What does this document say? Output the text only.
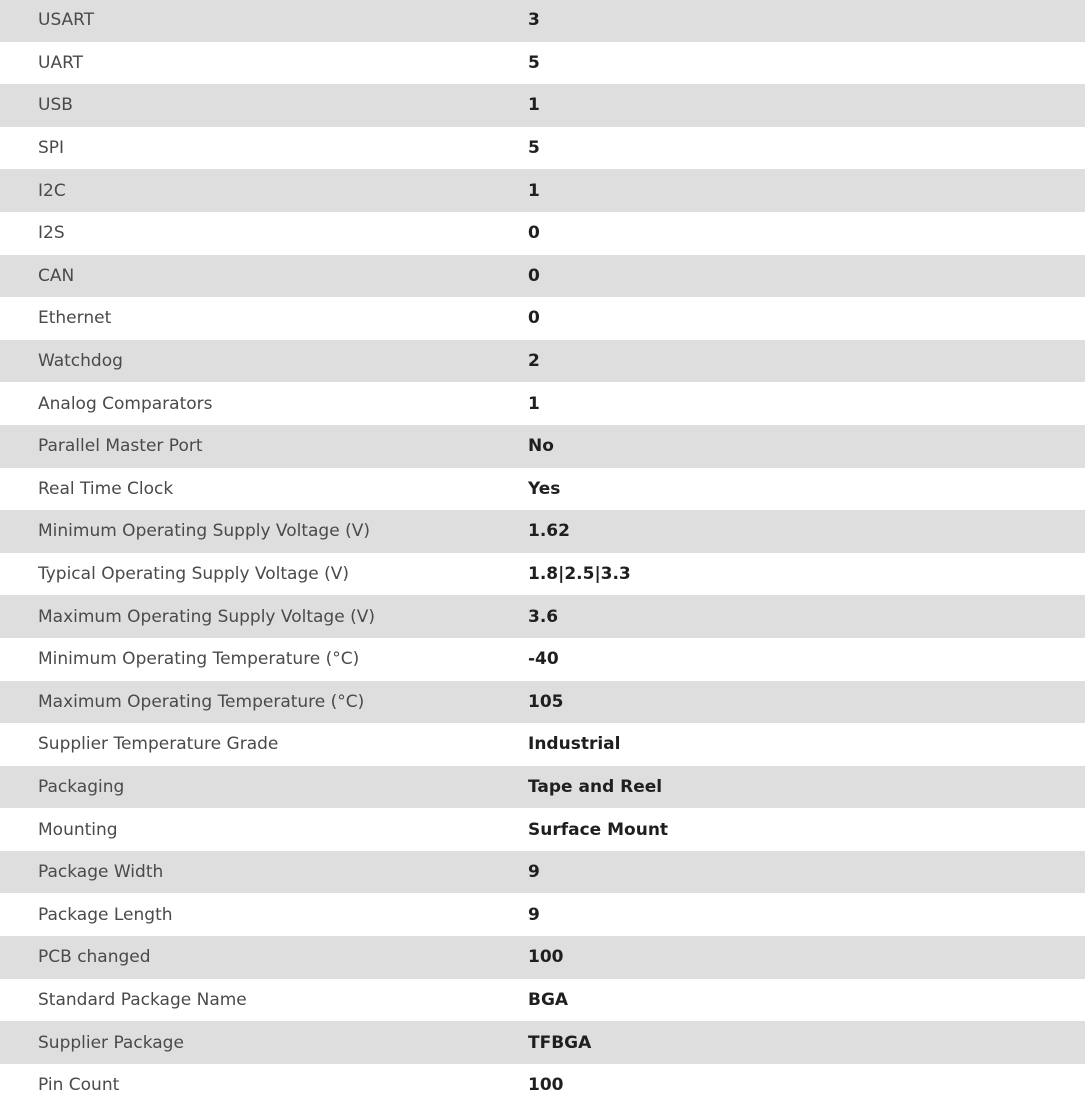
USART	3
UART	5
USB	1
SPI	5
I2C	1
I2S	0
CAN	0
Ethernet	0
Watchdog	2
Analog Comparators	1
Parallel Master Port	No
Real Time Clock	Yes
Minimum Operating Supply Voltage (V)	1.62
Typical Operating Supply Voltage (V)	1.8|2.5|3.3
Maximum Operating Supply Voltage (V)	3.6
Minimum Operating Temperature (°C)	-40
Maximum Operating Temperature (°C)	105
Supplier Temperature Grade	Industrial
Packaging	Tape and Reel
Mounting	Surface Mount
Package Width	9
Package Length	9
PCB changed	100
Standard Package Name	BGA
Supplier Package	TFBGA
Pin Count	100
